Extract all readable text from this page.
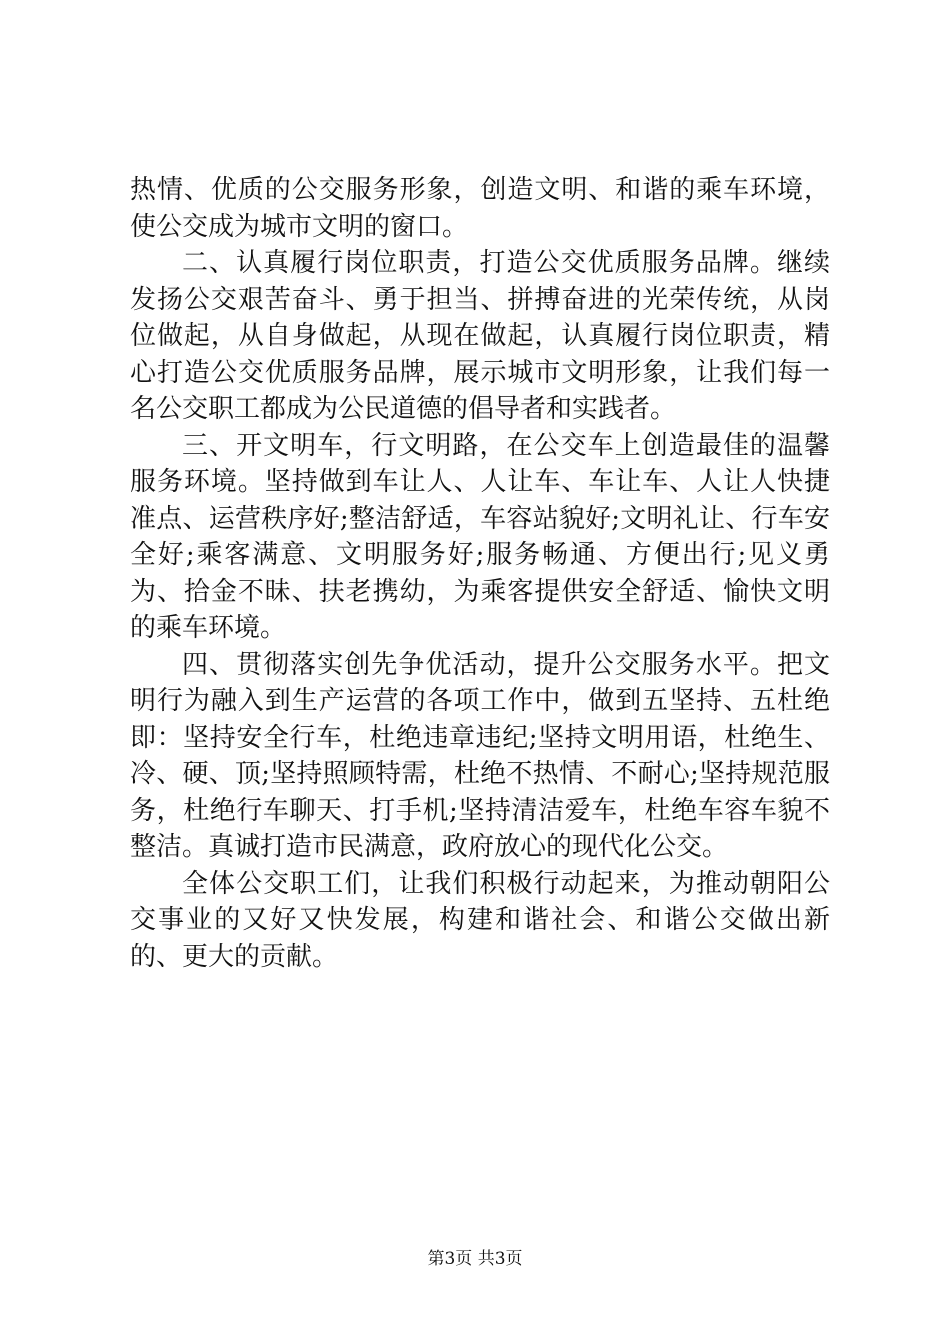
热情、优质的公交服务形象，创造文明、和谐的乘车环境，使公交成为城市文明的窗口。

二、认真履行岗位职责，打造公交优质服务品牌。继续发扬公交艰苦奋斗、勇于担当、拼搏奋进的光荣传统，从岗位做起，从自身做起，从现在做起，认真履行岗位职责，精心打造公交优质服务品牌，展示城市文明形象，让我们每一名公交职工都成为公民道德的倡导者和实践者。

三、开文明车，行文明路，在公交车上创造最佳的温馨服务环境。坚持做到车让人、人让车、车让车、人让人快捷准点、运营秩序好;整洁舒适，车容站貌好;文明礼让、行车安全好;乘客满意、文明服务好;服务畅通、方便出行;见义勇为、拾金不昧、扶老携幼，为乘客提供安全舒适、愉快文明的乘车环境。

四、贯彻落实创先争优活动，提升公交服务水平。把文明行为融入到生产运营的各项工作中，做到五坚持、五杜绝即：坚持安全行车，杜绝违章违纪;坚持文明用语，杜绝生、冷、硬、顶;坚持照顾特需，杜绝不热情、不耐心;坚持规范服务，杜绝行车聊天、打手机;坚持清洁爱车，杜绝车容车貌不整洁。真诚打造市民满意，政府放心的现代化公交。

全体公交职工们，让我们积极行动起来，为推动朝阳公交事业的又好又快发展，构建和谐社会、和谐公交做出新的、更大的贡献。

第3页 共3页
